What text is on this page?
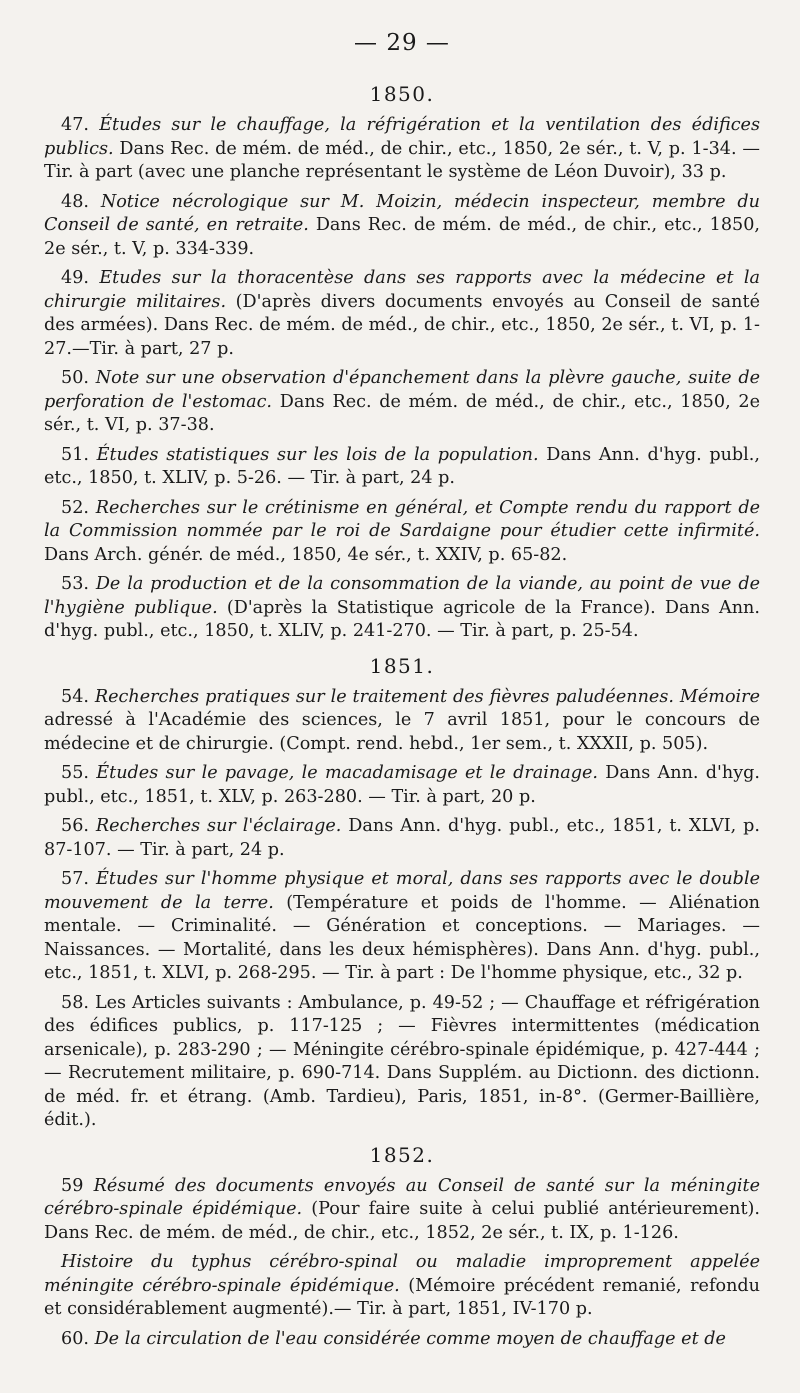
— 29 —
1850.

47. Études sur le chauffage, la réfrigération et la ventilation des édifices publics. Dans Rec. de mém. de méd., de chir., etc., 1850, 2e sér., t. V, p. 1-34. — Tir. à part (avec une planche représentant le système de Léon Duvoir), 33 p.

48. Notice nécrologique sur M. Moizin, médecin inspecteur, membre du Conseil de santé, en retraite. Dans Rec. de mém. de méd., de chir., etc., 1850, 2e sér., t. V, p. 334-339.

49. Etudes sur la thoracentèse dans ses rapports avec la médecine et la chirurgie militaires. (D'après divers documents envoyés au Conseil de santé des armées). Dans Rec. de mém. de méd., de chir., etc., 1850, 2e sér., t. VI, p. 1-27.—Tir. à part, 27 p.

50. Note sur une observation d'épanchement dans la plèvre gauche, suite de perforation de l'estomac. Dans Rec. de mém. de méd., de chir., etc., 1850, 2e sér., t. VI, p. 37-38.

51. Études statistiques sur les lois de la population. Dans Ann. d'hyg. publ., etc., 1850, t. XLIV, p. 5-26. — Tir. à part, 24 p.

52. Recherches sur le crétinisme en général, et Compte rendu du rapport de la Commission nommée par le roi de Sardaigne pour étudier cette infirmité. Dans Arch. génér. de méd., 1850, 4e sér., t. XXIV, p. 65-82.

53. De la production et de la consommation de la viande, au point de vue de l'hygiène publique. (D'après la Statistique agricole de la France). Dans Ann. d'hyg. publ., etc., 1850, t. XLIV, p. 241-270. — Tir. à part, p. 25-54.

1851.

54. Recherches pratiques sur le traitement des fièvres paludéennes. Mémoire adressé à l'Académie des sciences, le 7 avril 1851, pour le concours de médecine et de chirurgie. (Compt. rend. hebd., 1er sem., t. XXXII, p. 505).

55. Études sur le pavage, le macadamisage et le drainage. Dans Ann. d'hyg. publ., etc., 1851, t. XLV, p. 263-280. — Tir. à part, 20 p.

56. Recherches sur l'éclairage. Dans Ann. d'hyg. publ., etc., 1851, t. XLVI, p. 87-107. — Tir. à part, 24 p.

57. Études sur l'homme physique et moral, dans ses rapports avec le double mouvement de la terre. (Température et poids de l'homme. — Aliénation mentale. — Criminalité. — Génération et conceptions. — Mariages. — Naissances. — Mortalité, dans les deux hémisphères). Dans Ann. d'hyg. publ., etc., 1851, t. XLVI, p. 268-295. — Tir. à part : De l'homme physique, etc., 32 p.

58. Les Articles suivants : Ambulance, p. 49-52 ; — Chauffage et réfrigération des édifices publics, p. 117-125 ; — Fièvres intermittentes (médication arsenicale), p. 283-290 ; — Méningite cérébro-spinale épidémique, p. 427-444 ; — Recrutement militaire, p. 690-714. Dans Supplém. au Dictionn. des dictionn. de méd. fr. et étrang. (Amb. Tardieu), Paris, 1851, in-8°. (Germer-Baillière, édit.).

1852.

59 Résumé des documents envoyés au Conseil de santé sur la méningite cérébro-spinale épidémique. (Pour faire suite à celui publié antérieurement). Dans Rec. de mém. de méd., de chir., etc., 1852, 2e sér., t. IX, p. 1-126.

Histoire du typhus cérébro-spinal ou maladie improprement appelée méningite cérébro-spinale épidémique. (Mémoire précédent remanié, refondu et considérablement augmenté).— Tir. à part, 1851, IV-170 p.

60. De la circulation de l'eau considérée comme moyen de chauffage et de
